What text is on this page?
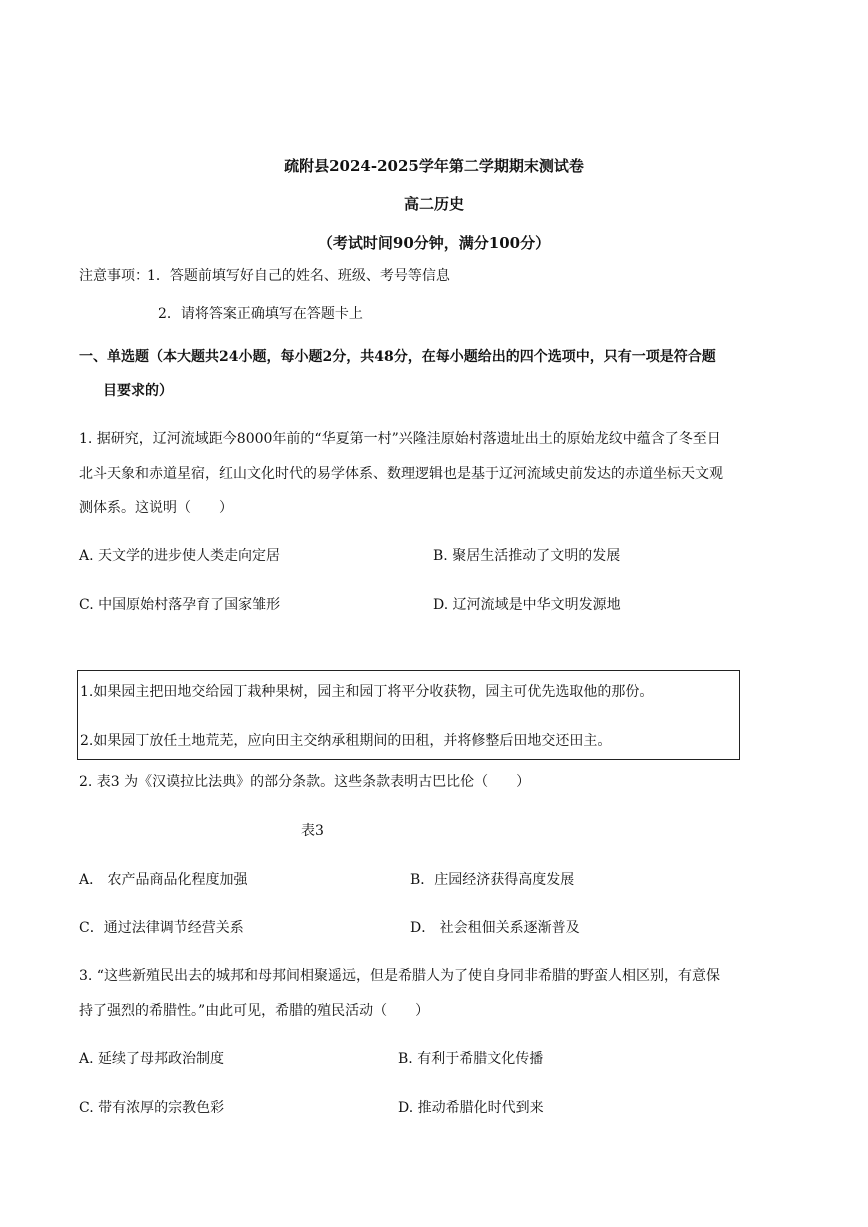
疏附县2024-2025学年第二学期期末测试卷
高二历史
（考试时间90分钟，满分100分）
注意事项：
1．答题前填写好自己的姓名、班级、考号等信息
2．请将答案正确填写在答题卡上
一、单选题（本大题共24小题，每小题2分，共48分，在每小题给出的四个选项中，只有一项是符合题
目要求的）
1. 据研究，辽河流域距今8000年前的“华夏第一村”兴隆洼原始村落遗址出土的原始龙纹中蕴含了冬至日
北斗天象和赤道星宿，红山文化时代的易学体系、数理逻辑也是基于辽河流域史前发达的赤道坐标天文观
测体系。这说明（　　）
A. 天文学的进步使人类走向定居	B. 聚居生活推动了文明的发展
C. 中国原始村落孕育了国家雏形	D. 辽河流域是中华文明发源地
1.如果园主把田地交给园丁栽种果树，园主和园丁将平分收获物，园主可优先选取他的那份。
2.如果园丁放任土地荒芜，应向田主交纳承租期间的田租，并将修整后田地交还田主。
2. 表3 为《汉谟拉比法典》的部分条款。这些条款表明古巴比伦（　　）
表3
A． 农产品商品化程度加强	B．庄园经济获得高度发展
C．通过法律调节经营关系	D． 社会租佃关系逐渐普及
3. “这些新殖民出去的城邦和母邦间相聚遥远，但是希腊人为了使自身同非希腊的野蛮人相区别，有意保
持了强烈的希腊性。”由此可见，希腊的殖民活动（　　）
A. 延续了母邦政治制度	B. 有利于希腊文化传播
C. 带有浓厚的宗教色彩	D. 推动希腊化时代到来
